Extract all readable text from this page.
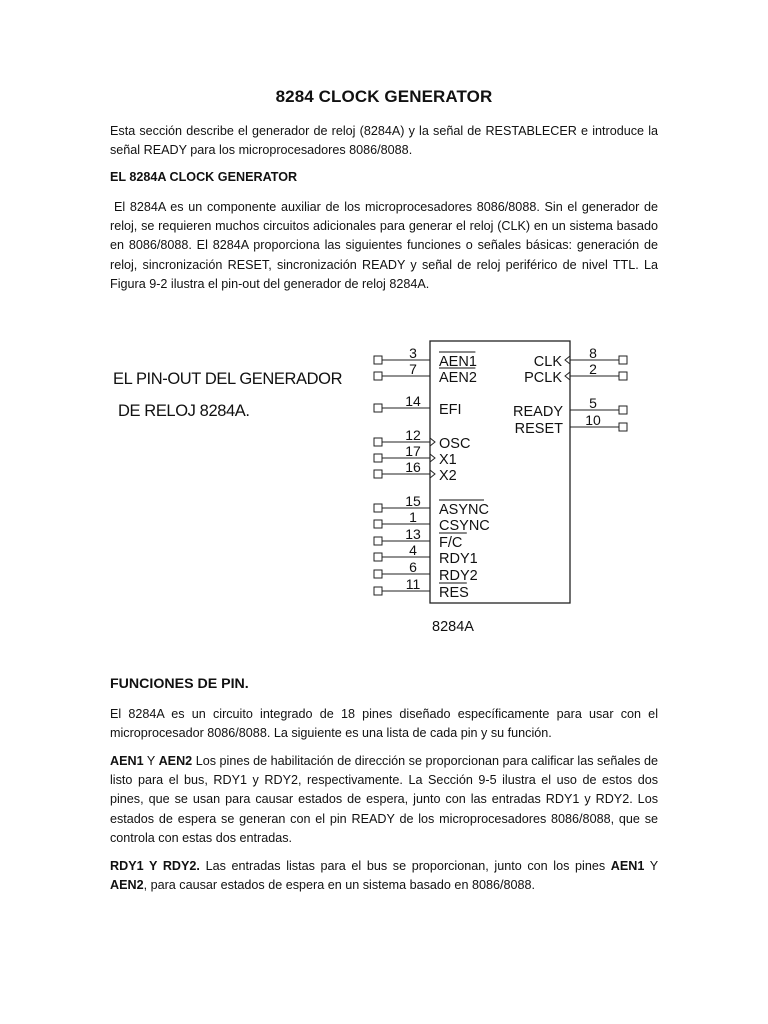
8284 CLOCK GENERATOR

Esta sección describe el generador de reloj (8284A) y la señal de RESTABLECER e introduce la señal READY para los microprocesadores 8086/8088.

EL 8284A CLOCK GENERATOR

El 8284A es un componente auxiliar de los microprocesadores 8086/8088. Sin el generador de reloj, se requieren muchos circuitos adicionales para generar el reloj (CLK) en un sistema basado en 8086/8088. El 8284A proporciona las siguientes funciones o señales básicas: generación de reloj, sincronización RESET, sincronización READY y señal de reloj periférico de nivel TTL. La Figura 9-2 ilustra el pin-out del generador de reloj 8284A.

EL PIN-OUT DEL GENERADOR

DE RELOJ 8284A.

3
AEN1
7
AEN2
14
EFI
12
OSC
17
X1
16
X2
15
ASYNC
1
CSYNC
13
F/C
4
RDY1
6
RDY2
11
RES
8
CLK 2
PCLK
5
READY 10
RESET
8284A

FUNCIONES DE PIN.

El 8284A es un circuito integrado de 18 pines diseñado específicamente para usar con el microprocesador 8086/8088. La siguiente es una lista de cada pin y su función.

AEN1 Y AEN2 Los pines de habilitación de dirección se proporcionan para calificar las señales de listo para el bus, RDY1 y RDY2, respectivamente. La Sección 9-5 ilustra el uso de estos dos pines, que se usan para causar estados de espera, junto con las entradas RDY1 y RDY2. Los estados de espera se generan con el pin READY de los microprocesadores 8086/8088, que se controla con estas dos entradas.

RDY1 Y RDY2. Las entradas listas para el bus se proporcionan, junto con los pines AEN1 Y AEN2, para causar estados de espera en un sistema basado en 8086/8088.
